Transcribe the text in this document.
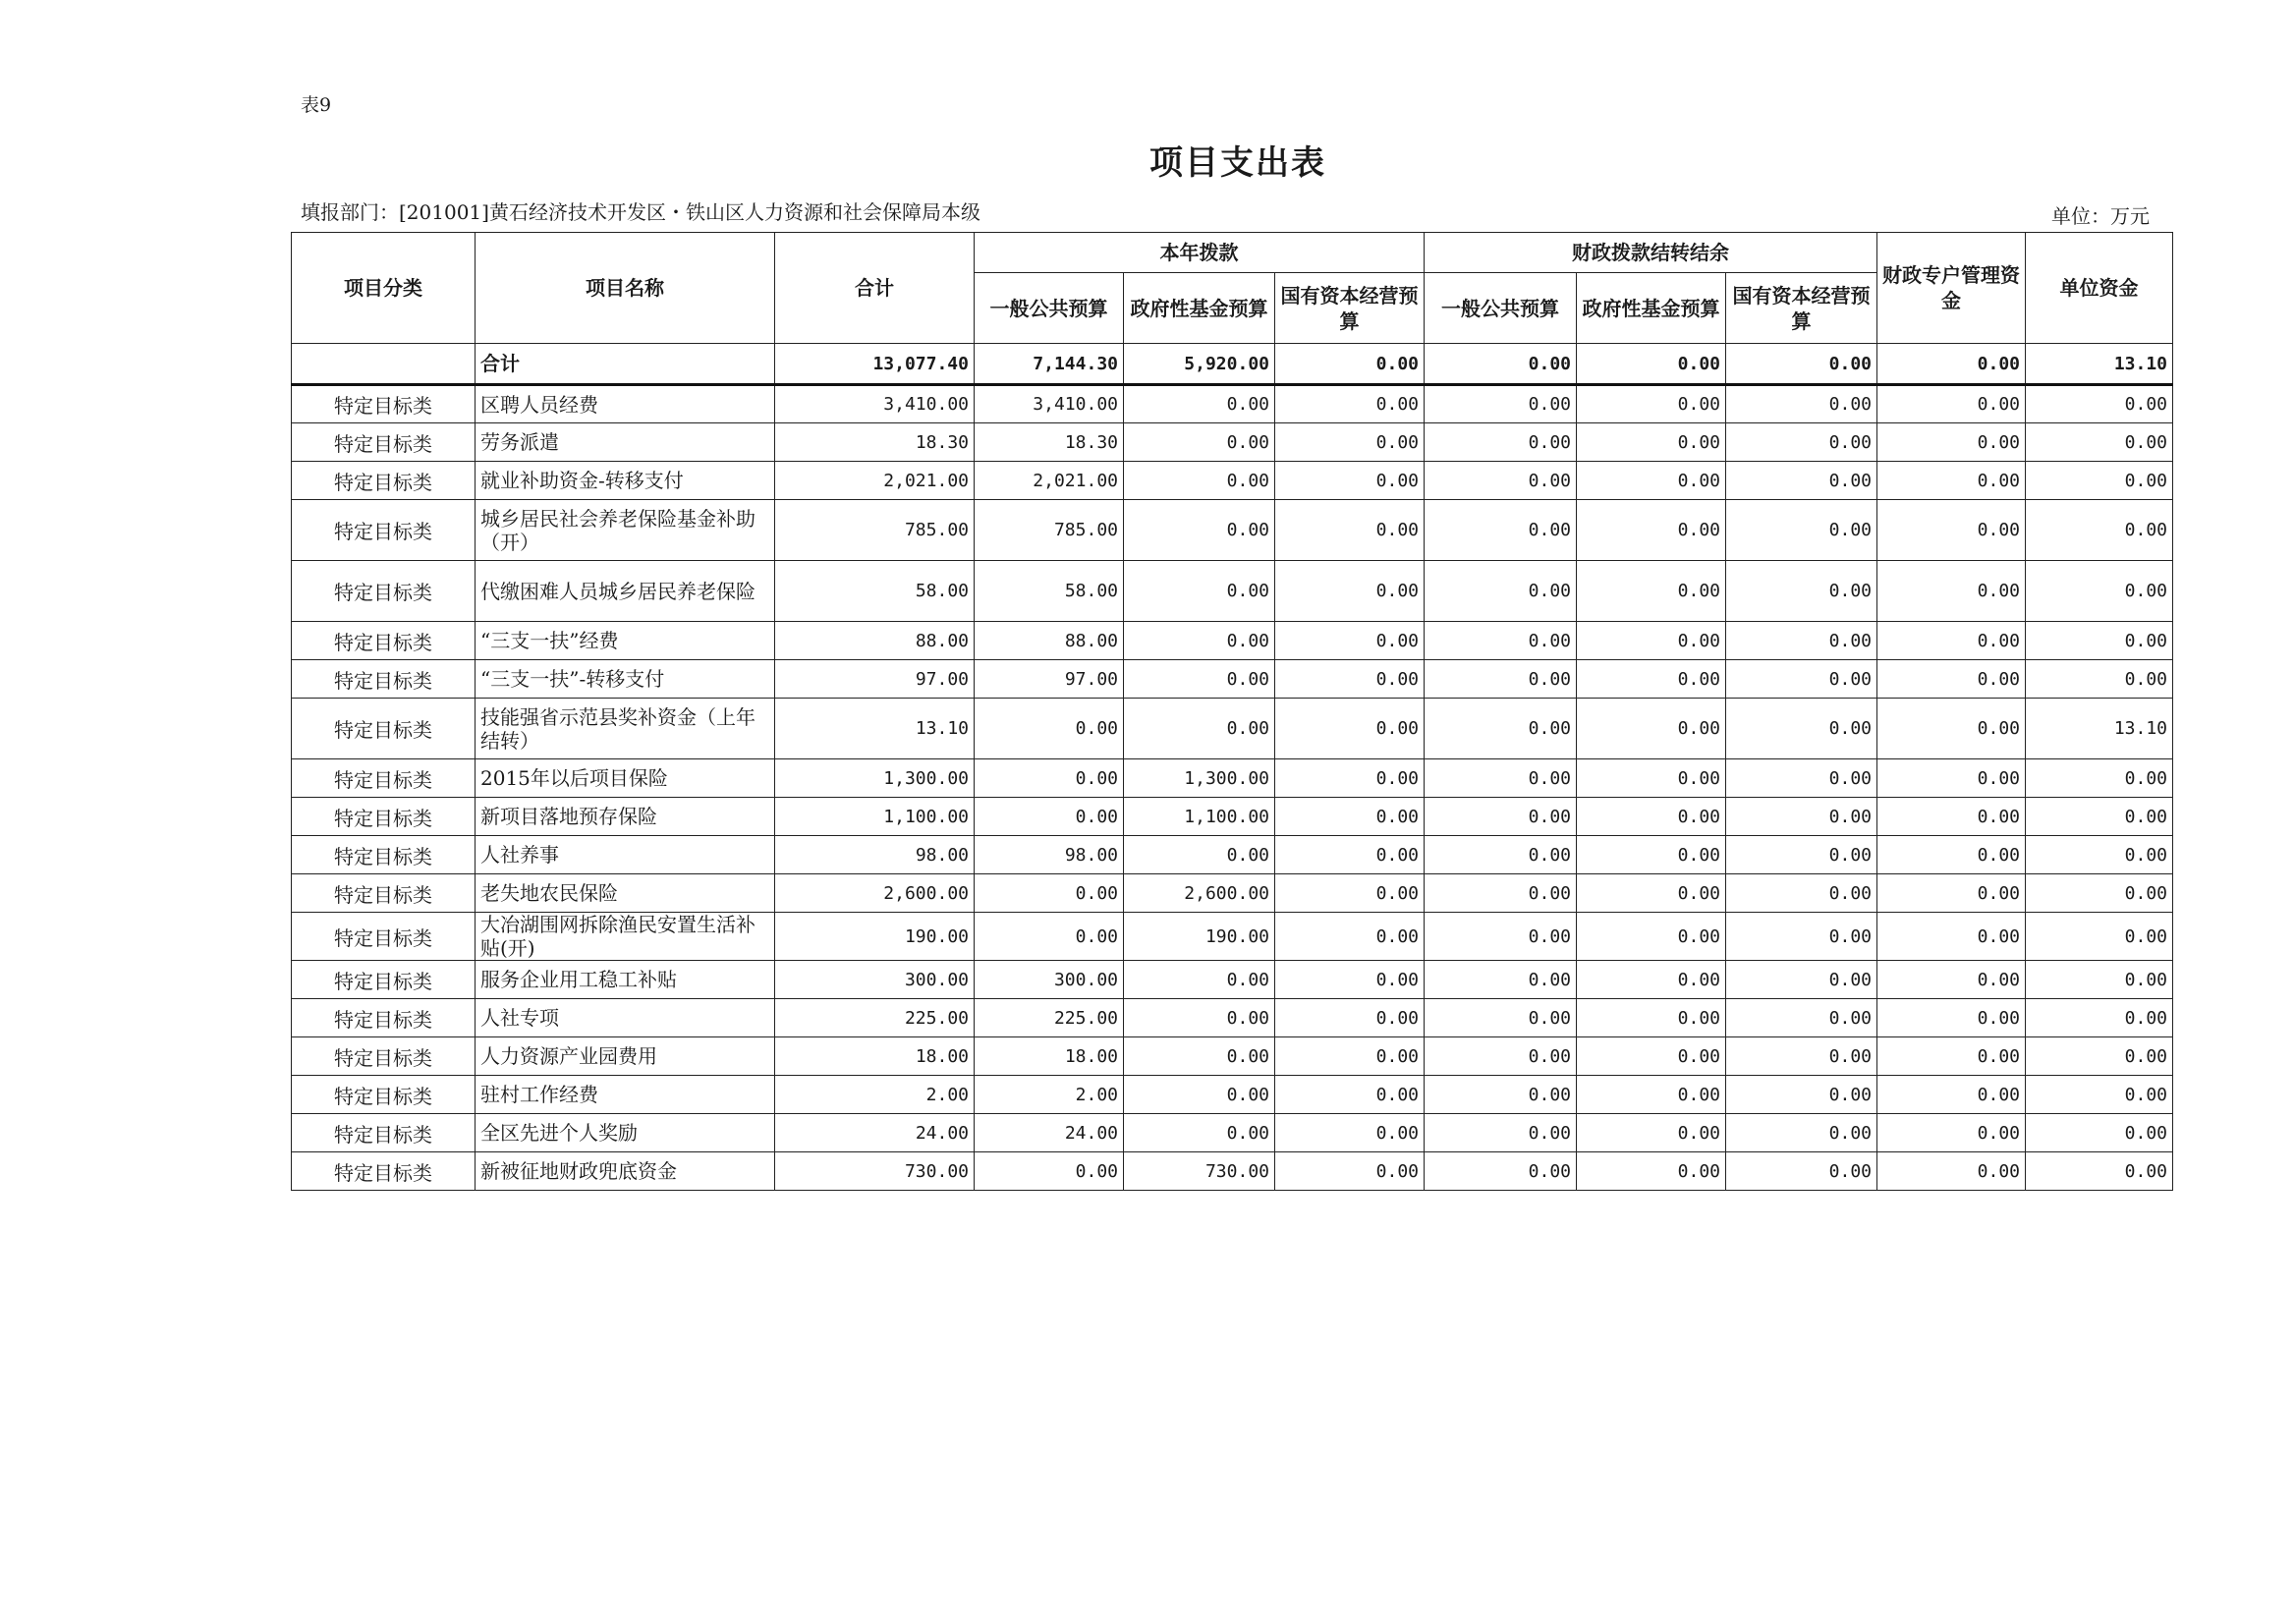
表9
项目支出表
填报部门：[201001]黄石经济技术开发区・铁山区人力资源和社会保障局本级	单位：万元
项目分类	项目名称	合计	本年拨款			财政拨款结转结余			财政专户管理资金	单位资金
			一般公共预算	政府性基金预算	国有资本经营预算	一般公共预算	政府性基金预算	国有资本经营预算		
	合计	13,077.40	7,144.30	5,920.00	0.00	0.00	0.00	0.00	0.00	13.10
特定目标类	区聘人员经费	3,410.00	3,410.00	0.00	0.00	0.00	0.00	0.00	0.00	0.00
特定目标类	劳务派遣	18.30	18.30	0.00	0.00	0.00	0.00	0.00	0.00	0.00
特定目标类	就业补助资金-转移支付	2,021.00	2,021.00	0.00	0.00	0.00	0.00	0.00	0.00	0.00
特定目标类	城乡居民社会养老保险基金补助（开）	785.00	785.00	0.00	0.00	0.00	0.00	0.00	0.00	0.00
特定目标类	代缴困难人员城乡居民养老保险	58.00	58.00	0.00	0.00	0.00	0.00	0.00	0.00	0.00
特定目标类	“三支一扶”经费	88.00	88.00	0.00	0.00	0.00	0.00	0.00	0.00	0.00
特定目标类	“三支一扶”-转移支付	97.00	97.00	0.00	0.00	0.00	0.00	0.00	0.00	0.00
特定目标类	技能强省示范县奖补资金（上年结转）	13.10	0.00	0.00	0.00	0.00	0.00	0.00	0.00	13.10
特定目标类	2015年以后项目保险	1,300.00	0.00	1,300.00	0.00	0.00	0.00	0.00	0.00	0.00
特定目标类	新项目落地预存保险	1,100.00	0.00	1,100.00	0.00	0.00	0.00	0.00	0.00	0.00
特定目标类	人社养事	98.00	98.00	0.00	0.00	0.00	0.00	0.00	0.00	0.00
特定目标类	老失地农民保险	2,600.00	0.00	2,600.00	0.00	0.00	0.00	0.00	0.00	0.00
特定目标类	大冶湖围网拆除渔民安置生活补贴(开)	190.00	0.00	190.00	0.00	0.00	0.00	0.00	0.00	0.00
特定目标类	服务企业用工稳工补贴	300.00	300.00	0.00	0.00	0.00	0.00	0.00	0.00	0.00
特定目标类	人社专项	225.00	225.00	0.00	0.00	0.00	0.00	0.00	0.00	0.00
特定目标类	人力资源产业园费用	18.00	18.00	0.00	0.00	0.00	0.00	0.00	0.00	0.00
特定目标类	驻村工作经费	2.00	2.00	0.00	0.00	0.00	0.00	0.00	0.00	0.00
特定目标类	全区先进个人奖励	24.00	24.00	0.00	0.00	0.00	0.00	0.00	0.00	0.00
特定目标类	新被征地财政兜底资金	730.00	0.00	730.00	0.00	0.00	0.00	0.00	0.00	0.00
